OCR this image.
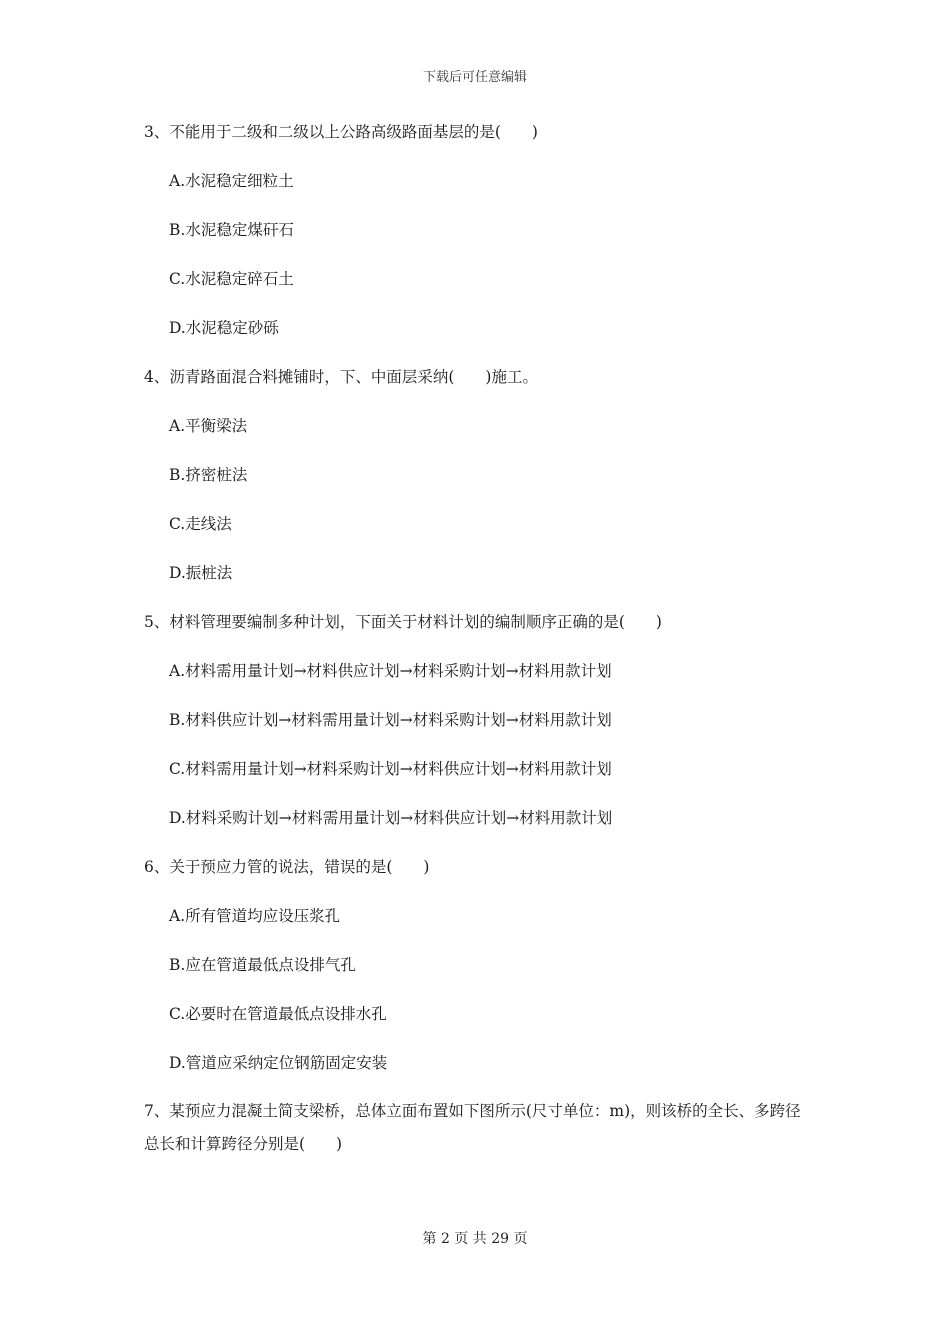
下载后可任意编辑
3、不能用于二级和二级以上公路高级路面基层的是(　　)
A.水泥稳定细粒土
B.水泥稳定煤矸石
C.水泥稳定碎石土
D.水泥稳定砂砾
4、沥青路面混合料摊铺时，下、中面层采纳(　　)施工。
A.平衡梁法
B.挤密桩法
C.走线法
D.振桩法
5、材料管理要编制多种计划，下面关于材料计划的编制顺序正确的是(　　)
A.材料需用量计划→材料供应计划→材料采购计划→材料用款计划
B.材料供应计划→材料需用量计划→材料采购计划→材料用款计划
C.材料需用量计划→材料采购计划→材料供应计划→材料用款计划
D.材料采购计划→材料需用量计划→材料供应计划→材料用款计划
6、关于预应力管的说法，错误的是(　　)
A.所有管道均应设压浆孔
B.应在管道最低点设排气孔
C.必要时在管道最低点设排水孔
D.管道应采纳定位钢筋固定安装
7、某预应力混凝土简支梁桥，总体立面布置如下图所示(尺寸单位：m)，则该桥的全长、多跨径总长和计算跨径分别是(　　)
第 2 页 共 29 页
